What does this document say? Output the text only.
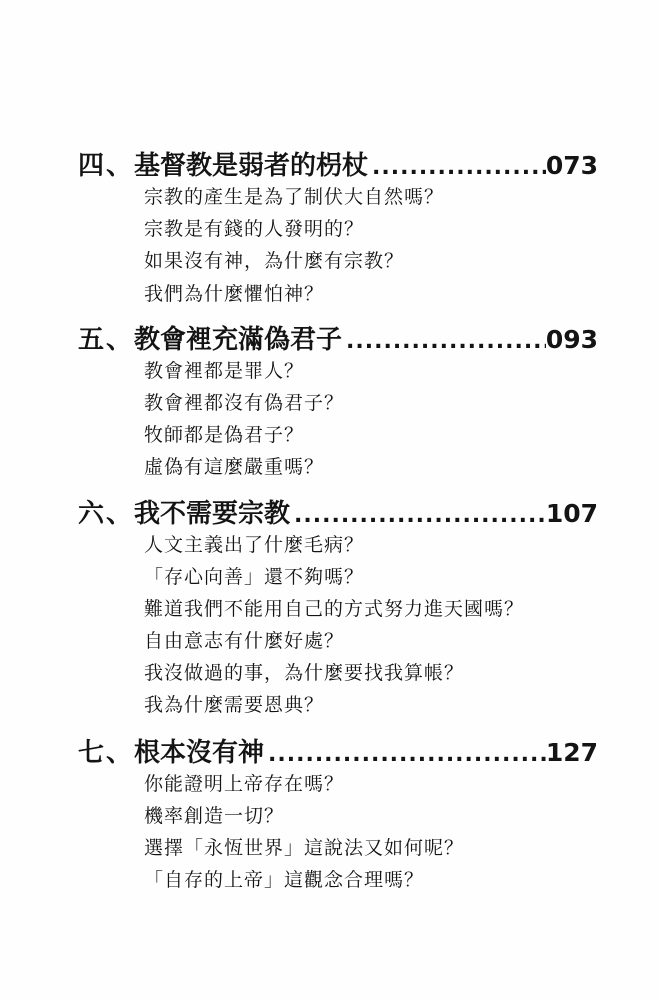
四、 基督教是弱者的枴杖 .....	073
宗教的產生是為了制伏大自然嗎？
宗教是有錢的人發明的？
如果沒有神，為什麼有宗教？
我們為什麼懼怕神？
五、 教會裡充滿偽君子 .....	093
教會裡都是罪人？
教會裡都沒有偽君子？
牧師都是偽君子？
虛偽有這麼嚴重嗎？
六、 我不需要宗教 .....	107
人文主義出了什麼毛病？
「存心向善」還不夠嗎？
難道我們不能用自己的方式努力進天國嗎？
自由意志有什麼好處？
我沒做過的事，為什麼要找我算帳？
我為什麼需要恩典？
七、 根本沒有神 .....	127
你能證明上帝存在嗎？
機率創造一切？
選擇「永恆世界」這說法又如何呢？
「自存的上帝」這觀念合理嗎？
